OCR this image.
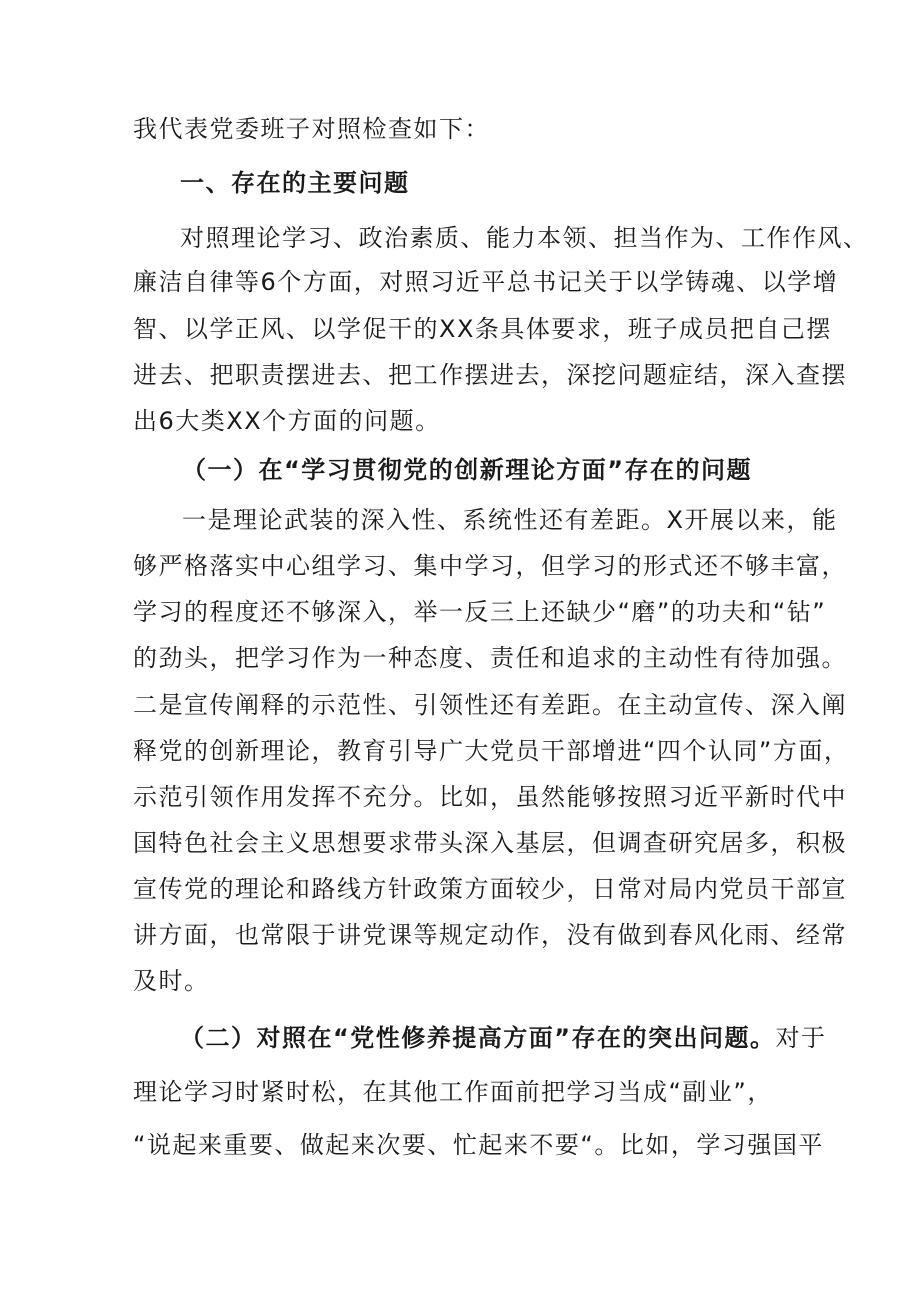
我代表党委班子对照检查如下：
一、存在的主要问题
对照理论学习、政治素质、能力本领、担当作为、工作作风、
廉洁自律等6个方面，对照习近平总书记关于以学铸魂、以学增
智、以学正风、以学促干的XX条具体要求，班子成员把自己摆
进去、把职责摆进去、把工作摆进去，深挖问题症结，深入查摆
出6大类XX个方面的问题。
（一）在“学习贯彻党的创新理论方面”存在的问题
一是理论武装的深入性、系统性还有差距。X开展以来，能
够严格落实中心组学习、集中学习，但学习的形式还不够丰富，
学习的程度还不够深入，举一反三上还缺少“磨”的功夫和“钻”
的劲头，把学习作为一种态度、责任和追求的主动性有待加强。
二是宣传阐释的示范性、引领性还有差距。在主动宣传、深入阐
释党的创新理论，教育引导广大党员干部增进“四个认同”方面，
示范引领作用发挥不充分。比如，虽然能够按照习近平新时代中
国特色社会主义思想要求带头深入基层，但调查研究居多，积极
宣传党的理论和路线方针政策方面较少，日常对局内党员干部宣
讲方面，也常限于讲党课等规定动作，没有做到春风化雨、经常
及时。
（二）对照在“党性修养提高方面”存在的突出问题。对于
理论学习时紧时松，在其他工作面前把学习当成“副业”，
“说起来重要、做起来次要、忙起来不要“。比如，学习强国平
